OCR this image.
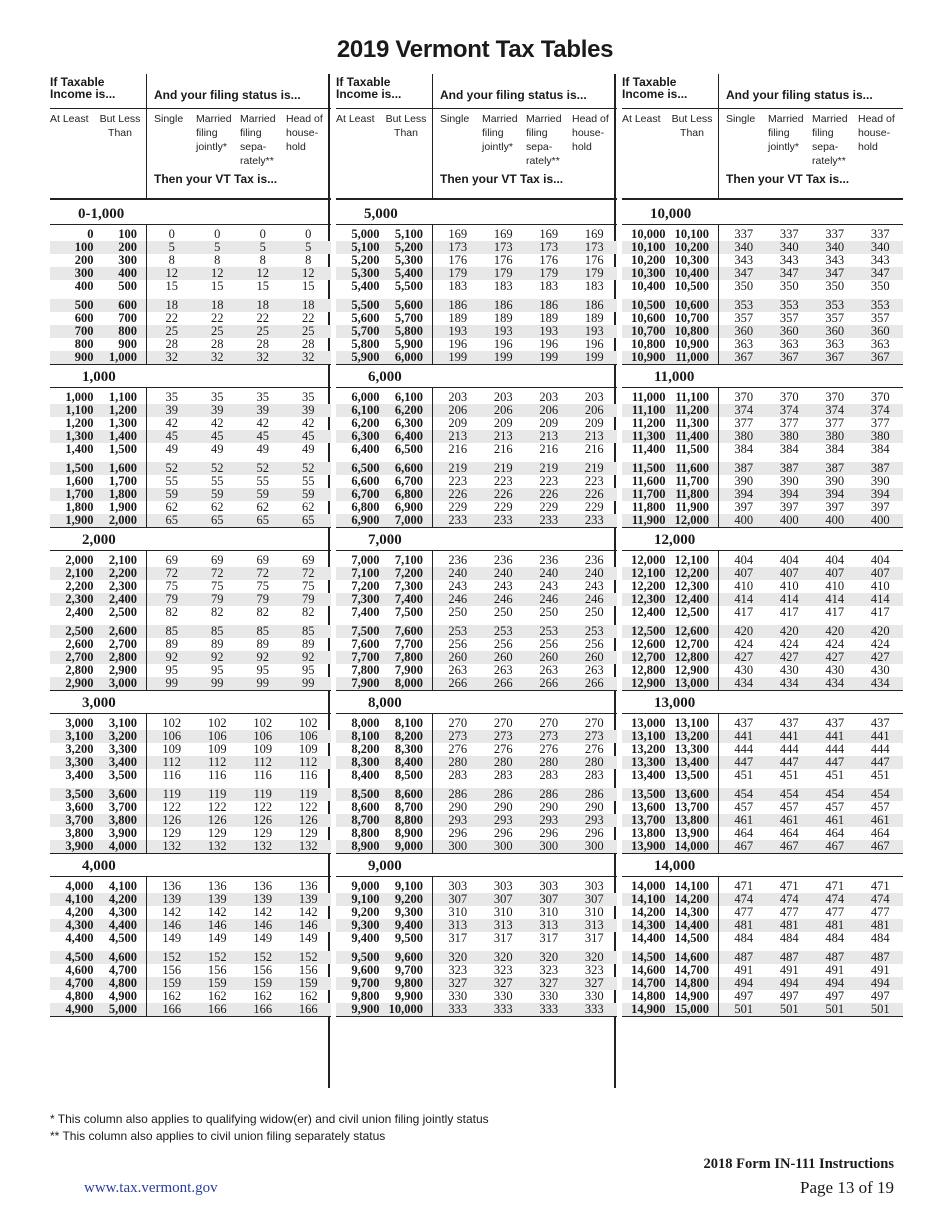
2019 Vermont Tax Tables
If Taxable Income is...	And your filing status is...
At Least	But Less Than
Single	Married filing jointly*
Married filing sepa-rately**
Head of house-hold
Then your VT Tax is...
0-1,000
0	100	0	0	0	0
100	200	5	5	5	5
200	300	8	8	8	8
300	400	12	12	12	12
400	500	15	15	15	15
500	600	18	18	18	18
600	700	22	22	22	22
700	800	25	25	25	25
800	900	28	28	28	28
900	1,000	32	32	32	32
1,000
1,000	1,100	35	35	35	35
1,100	1,200	39	39	39	39
1,200	1,300	42	42	42	42
1,300	1,400	45	45	45	45
1,400	1,500	49	49	49	49
1,500	1,600	52	52	52	52
1,600	1,700	55	55	55	55
1,700	1,800	59	59	59	59
1,800	1,900	62	62	62	62
1,900	2,000	65	65	65	65
2,000
2,000	2,100	69	69	69	69
2,100	2,200	72	72	72	72
2,200	2,300	75	75	75	75
2,300	2,400	79	79	79	79
2,400	2,500	82	82	82	82
2,500	2,600	85	85	85	85
2,600	2,700	89	89	89	89
2,700	2,800	92	92	92	92
2,800	2,900	95	95	95	95
2,900	3,000	99	99	99	99
3,000
3,000	3,100	102	102	102	102
3,100	3,200	106	106	106	106
3,200	3,300	109	109	109	109
3,300	3,400	112	112	112	112
3,400	3,500	116	116	116	116
3,500	3,600	119	119	119	119
3,600	3,700	122	122	122	122
3,700	3,800	126	126	126	126
3,800	3,900	129	129	129	129
3,900	4,000	132	132	132	132
4,000
4,000	4,100	136	136	136	136
4,100	4,200	139	139	139	139
4,200	4,300	142	142	142	142
4,300	4,400	146	146	146	146
4,400	4,500	149	149	149	149
4,500	4,600	152	152	152	152
4,600	4,700	156	156	156	156
4,700	4,800	159	159	159	159
4,800	4,900	162	162	162	162
4,900	5,000	166	166	166	166
If Taxable Income is...	And your filing status is...
At Least	But Less Than
Single	Married filing jointly*
Married filing sepa-rately**
Head of house-hold
Then your VT Tax is...
5,000
5,000	5,100	169	169	169	169
5,100	5,200	173	173	173	173
5,200	5,300	176	176	176	176
5,300	5,400	179	179	179	179
5,400	5,500	183	183	183	183
5,500	5,600	186	186	186	186
5,600	5,700	189	189	189	189
5,700	5,800	193	193	193	193
5,800	5,900	196	196	196	196
5,900	6,000	199	199	199	199
6,000
6,000	6,100	203	203	203	203
6,100	6,200	206	206	206	206
6,200	6,300	209	209	209	209
6,300	6,400	213	213	213	213
6,400	6,500	216	216	216	216
6,500	6,600	219	219	219	219
6,600	6,700	223	223	223	223
6,700	6,800	226	226	226	226
6,800	6,900	229	229	229	229
6,900	7,000	233	233	233	233
7,000
7,000	7,100	236	236	236	236
7,100	7,200	240	240	240	240
7,200	7,300	243	243	243	243
7,300	7,400	246	246	246	246
7,400	7,500	250	250	250	250
7,500	7,600	253	253	253	253
7,600	7,700	256	256	256	256
7,700	7,800	260	260	260	260
7,800	7,900	263	263	263	263
7,900	8,000	266	266	266	266
8,000
8,000	8,100	270	270	270	270
8,100	8,200	273	273	273	273
8,200	8,300	276	276	276	276
8,300	8,400	280	280	280	280
8,400	8,500	283	283	283	283
8,500	8,600	286	286	286	286
8,600	8,700	290	290	290	290
8,700	8,800	293	293	293	293
8,800	8,900	296	296	296	296
8,900	9,000	300	300	300	300
9,000
9,000	9,100	303	303	303	303
9,100	9,200	307	307	307	307
9,200	9,300	310	310	310	310
9,300	9,400	313	313	313	313
9,400	9,500	317	317	317	317
9,500	9,600	320	320	320	320
9,600	9,700	323	323	323	323
9,700	9,800	327	327	327	327
9,800	9,900	330	330	330	330
9,900 10,000	333	333	333	333
If Taxable Income is...	And your filing status is...
At Least	But Less Than
Single	Married filing jointly*
Married filing sepa-rately**
Head of house-hold
Then your VT Tax is...
10,000
10,000 10,100	337	337	337	337
10,100 10,200	340	340	340	340
10,200 10,300	343	343	343	343
10,300 10,400	347	347	347	347
10,400 10,500	350	350	350	350
10,500 10,600	353	353	353	353
10,600 10,700	357	357	357	357
10,700 10,800	360	360	360	360
10,800 10,900	363	363	363	363
10,900 11,000	367	367	367	367
11,000
11,000 11,100	370	370	370	370
11,100 11,200	374	374	374	374
11,200 11,300	377	377	377	377
11,300 11,400	380	380	380	380
11,400 11,500	384	384	384	384
11,500 11,600	387	387	387	387
11,600 11,700	390	390	390	390
11,700 11,800	394	394	394	394
11,800 11,900	397	397	397	397
11,900 12,000	400	400	400	400
12,000
12,000 12,100	404	404	404	404
12,100 12,200	407	407	407	407
12,200 12,300	410	410	410	410
12,300 12,400	414	414	414	414
12,400 12,500	417	417	417	417
12,500 12,600	420	420	420	420
12,600 12,700	424	424	424	424
12,700 12,800	427	427	427	427
12,800 12,900	430	430	430	430
12,900 13,000	434	434	434	434
13,000
13,000 13,100	437	437	437	437
13,100 13,200	441	441	441	441
13,200 13,300	444	444	444	444
13,300 13,400	447	447	447	447
13,400 13,500	451	451	451	451
13,500 13,600	454	454	454	454
13,600 13,700	457	457	457	457
13,700 13,800	461	461	461	461
13,800 13,900	464	464	464	464
13,900 14,000	467	467	467	467
14,000
14,000 14,100	471	471	471	471
14,100 14,200	474	474	474	474
14,200 14,300	477	477	477	477
14,300 14,400	481	481	481	481
14,400 14,500	484	484	484	484
14,500 14,600	487	487	487	487
14,600 14,700	491	491	491	491
14,700 14,800	494	494	494	494
14,800 14,900	497	497	497	497
14,900 15,000	501	501	501	501
* This column also applies to qualifying widow(er) and civil union filing jointly status
** This column also applies to civil union filing separately status
www.tax.vermont.gov
2018 Form IN-111 Instructions
Page 13 of 19
